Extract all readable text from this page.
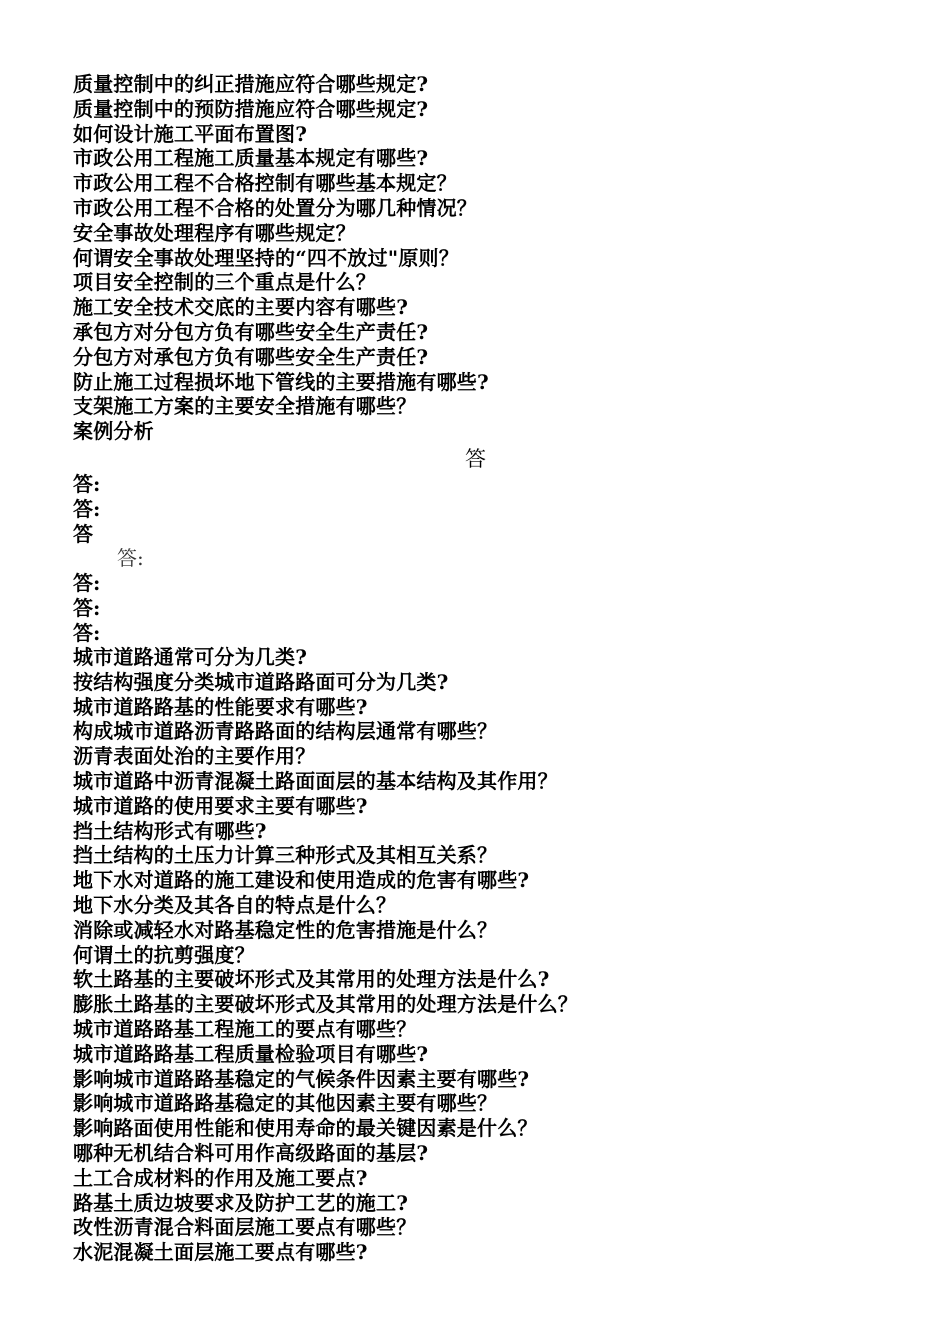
质量控制中的纠正措施应符合哪些规定?
质量控制中的预防措施应符合哪些规定?
如何设计施工平面布置图?
市政公用工程施工质量基本规定有哪些?
市政公用工程不合格控制有哪些基本规定？
市政公用工程不合格的处置分为哪几种情况？
安全事故处理程序有哪些规定？
何谓安全事故处理坚持的“四不放过"原则？
项目安全控制的三个重点是什么？
施工安全技术交底的主要内容有哪些?
承包方对分包方负有哪些安全生产责任?
分包方对承包方负有哪些安全生产责任?
防止施工过程损坏地下管线的主要措施有哪些?
支架施工方案的主要安全措施有哪些？
案例分析
答
答:
答:
答
答:
答:
答:
答:
城市道路通常可分为几类?
按结构强度分类城市道路路面可分为几类?
城市道路路基的性能要求有哪些?
构成城市道路沥青路路面的结构层通常有哪些？
沥青表面处治的主要作用？
城市道路中沥青混凝土路面面层的基本结构及其作用？
城市道路的使用要求主要有哪些?
挡土结构形式有哪些?
挡土结构的土压力计算三种形式及其相互关系？
地下水对道路的施工建设和使用造成的危害有哪些?
地下水分类及其各自的特点是什么？
消除或减轻水对路基稳定性的危害措施是什么？
何谓土的抗剪强度？
软土路基的主要破坏形式及其常用的处理方法是什么?
膨胀土路基的主要破坏形式及其常用的处理方法是什么？
城市道路路基工程施工的要点有哪些？
城市道路路基工程质量检验项目有哪些?
影响城市道路路基稳定的气候条件因素主要有哪些?
影响城市道路路基稳定的其他因素主要有哪些？
影响路面使用性能和使用寿命的最关键因素是什么？
哪种无机结合料可用作高级路面的基层?
土工合成材料的作用及施工要点?
路基土质边坡要求及防护工艺的施工?
改性沥青混合料面层施工要点有哪些？
水泥混凝土面层施工要点有哪些?
